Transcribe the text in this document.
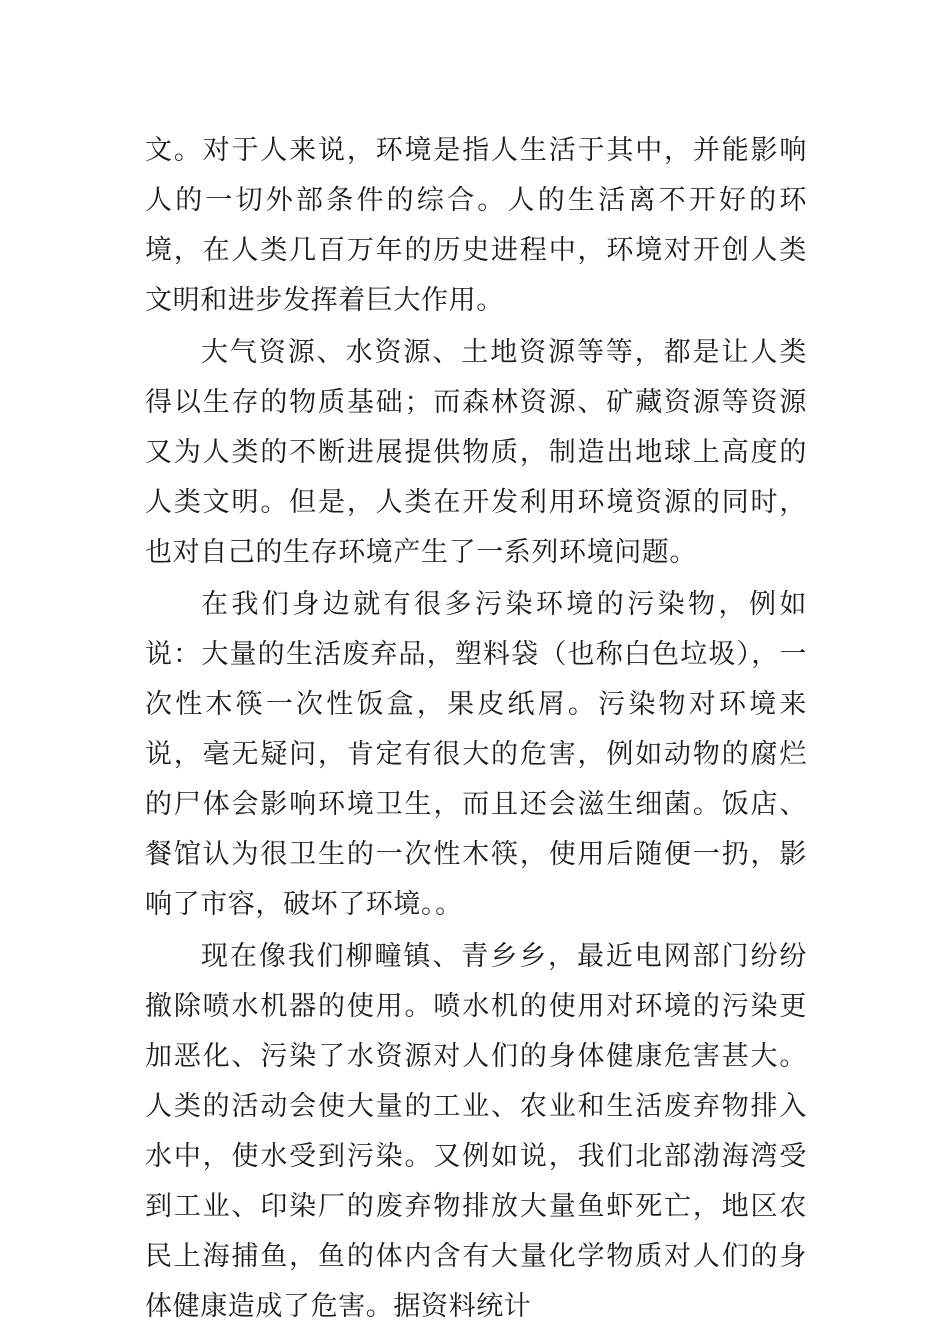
文。对于人来说，环境是指人生活于其中，并能影响人的一切外部条件的综合。人的生活离不开好的环境，在人类几百万年的历史进程中，环境对开创人类文明和进步发挥着巨大作用。

大气资源、水资源、土地资源等等，都是让人类得以生存的物质基础；而森林资源、矿藏资源等资源又为人类的不断进展提供物质，制造出地球上高度的人类文明。但是，人类在开发利用环境资源的同时，也对自己的生存环境产生了一系列环境问题。

在我们身边就有很多污染环境的污染物，例如说：大量的生活废弃品，塑料袋（也称白色垃圾），一次性木筷一次性饭盒，果皮纸屑。污染物对环境来说，毫无疑问，肯定有很大的危害，例如动物的腐烂的尸体会影响环境卫生，而且还会滋生细菌。饭店、餐馆认为很卫生的一次性木筷，使用后随便一扔，影响了市容，破坏了环境。。

现在像我们柳疃镇、青乡乡，最近电网部门纷纷撤除喷水机器的使用。喷水机的使用对环境的污染更加恶化、污染了水资源对人们的身体健康危害甚大。人类的活动会使大量的工业、农业和生活废弃物排入水中，使水受到污染。又例如说，我们北部渤海湾受到工业、印染厂的废弃物排放大量鱼虾死亡，地区农民上海捕鱼，鱼的体内含有大量化学物质对人们的身体健康造成了危害。据资料统计
